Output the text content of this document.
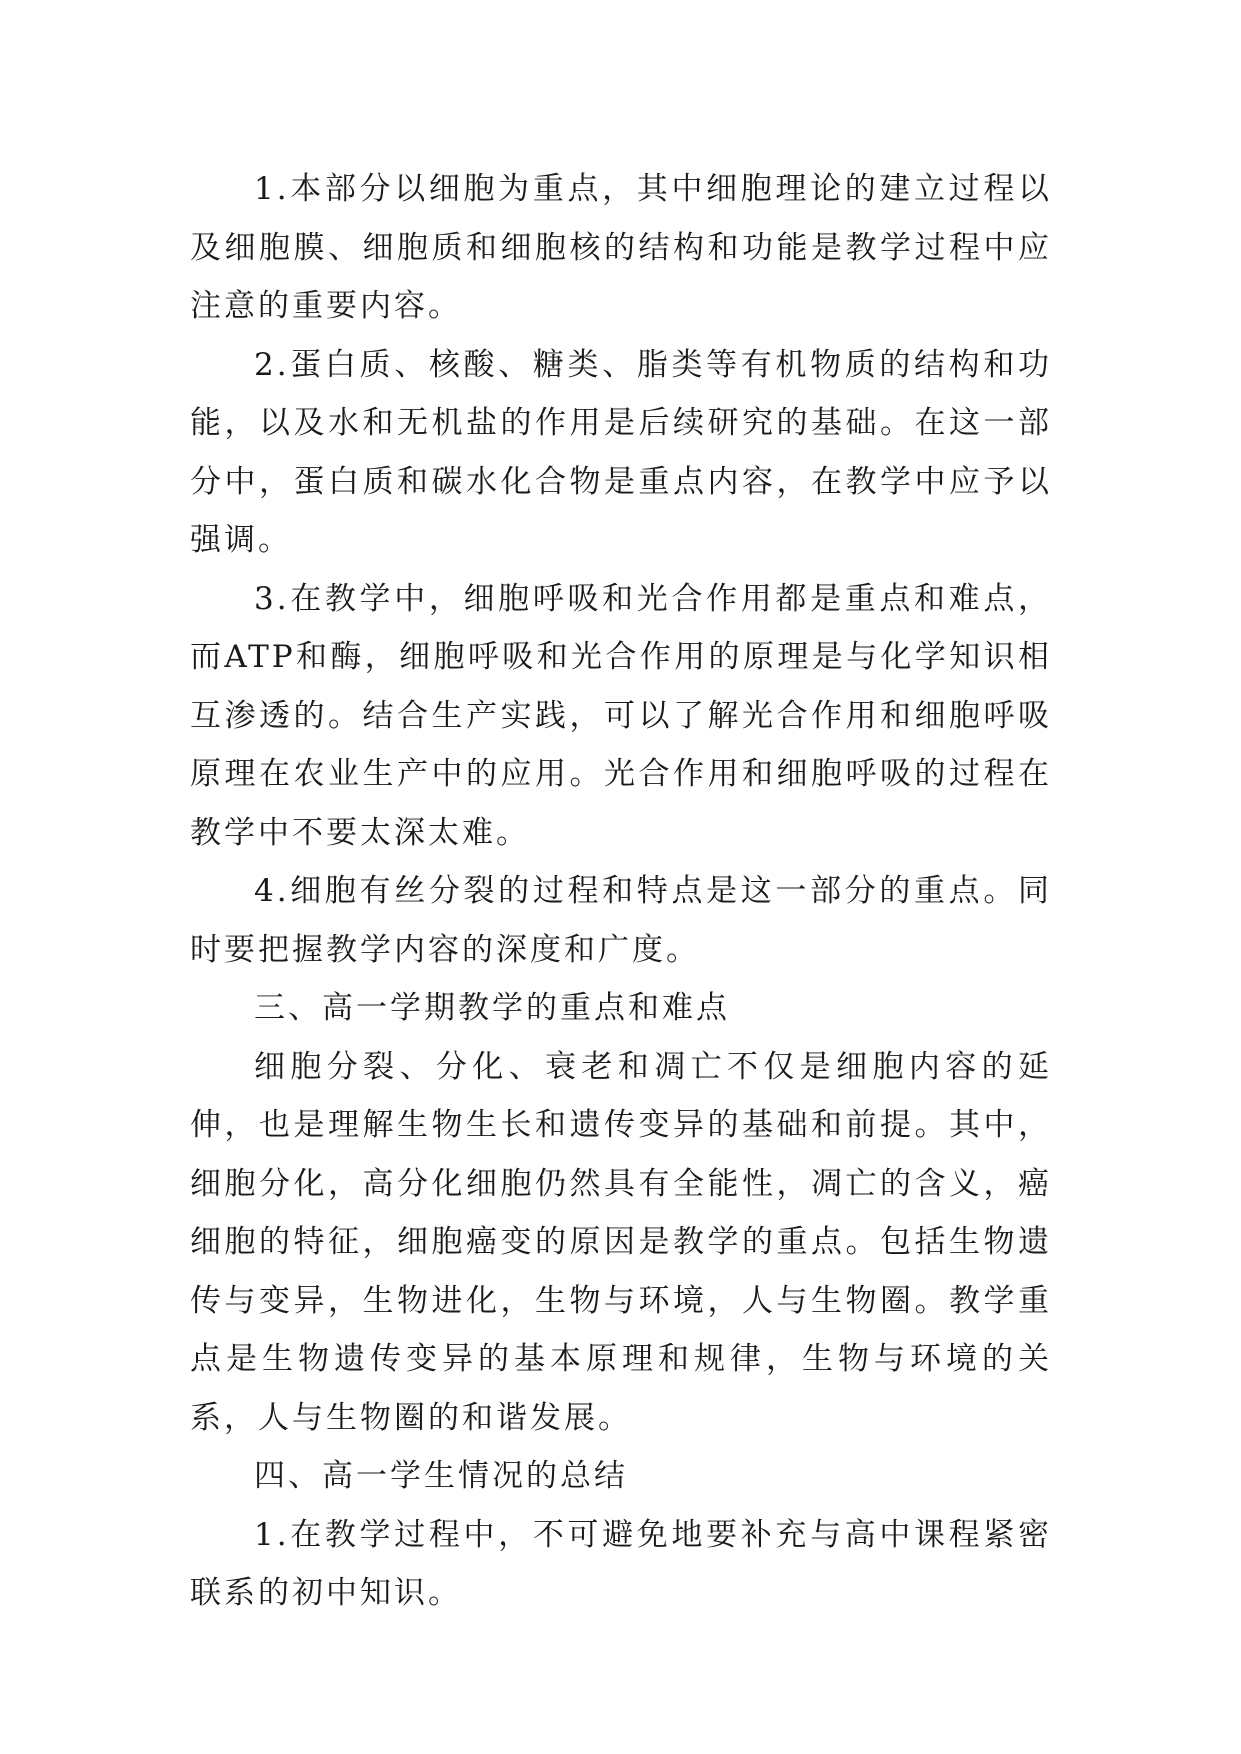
1.本部分以细胞为重点，其中细胞理论的建立过程以及细胞膜、细胞质和细胞核的结构和功能是教学过程中应注意的重要内容。

2.蛋白质、核酸、糖类、脂类等有机物质的结构和功能，以及水和无机盐的作用是后续研究的基础。在这一部分中，蛋白质和碳水化合物是重点内容，在教学中应予以强调。

3.在教学中，细胞呼吸和光合作用都是重点和难点，而ATP和酶，细胞呼吸和光合作用的原理是与化学知识相互渗透的。结合生产实践，可以了解光合作用和细胞呼吸原理在农业生产中的应用。光合作用和细胞呼吸的过程在教学中不要太深太难。

4.细胞有丝分裂的过程和特点是这一部分的重点。同时要把握教学内容的深度和广度。

三、高一学期教学的重点和难点

细胞分裂、分化、衰老和凋亡不仅是细胞内容的延伸，也是理解生物生长和遗传变异的基础和前提。其中，细胞分化，高分化细胞仍然具有全能性，凋亡的含义，癌细胞的特征，细胞癌变的原因是教学的重点。包括生物遗传与变异，生物进化，生物与环境，人与生物圈。教学重点是生物遗传变异的基本原理和规律，生物与环境的关系，人与生物圈的和谐发展。

四、高一学生情况的总结

1.在教学过程中，不可避免地要补充与高中课程紧密联系的初中知识。
